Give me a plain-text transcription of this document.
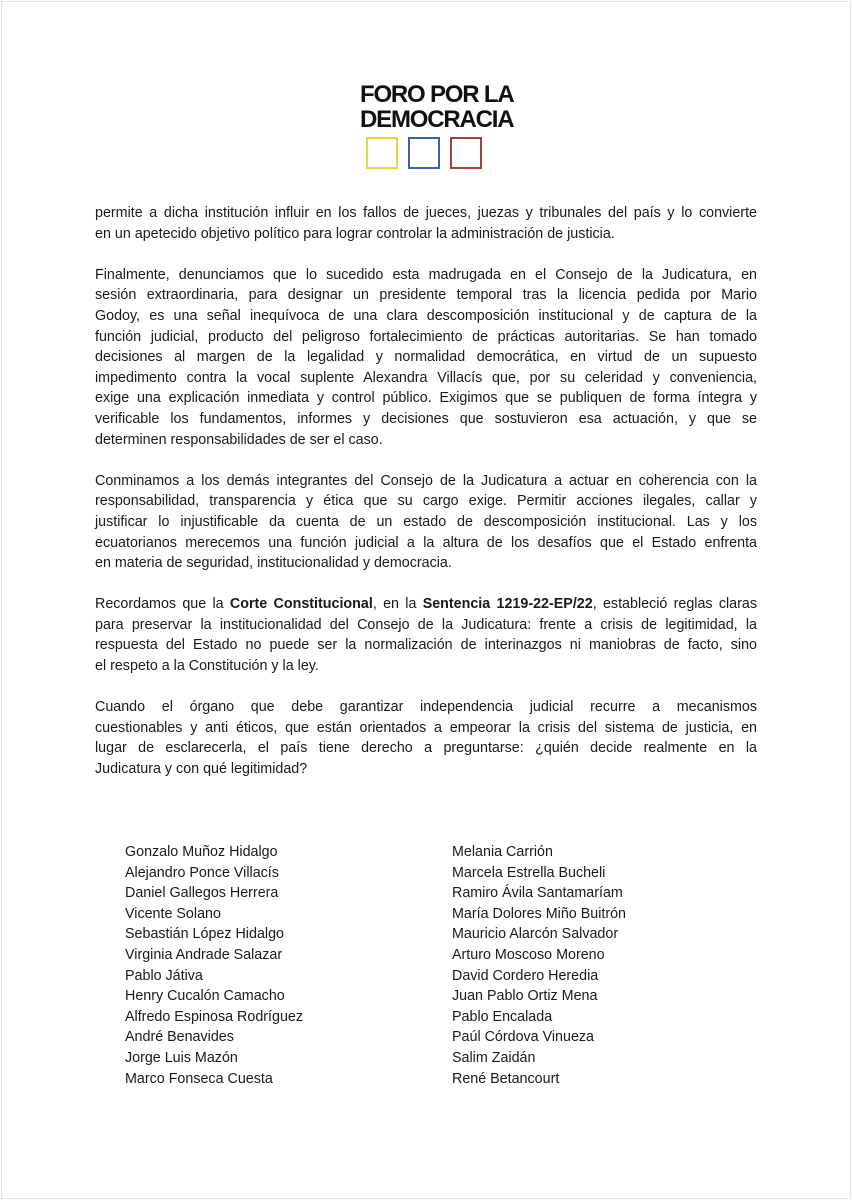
FORO POR LA
DEMOCRACIA
permite a dicha institución influir en los fallos de jueces, juezas y tribunales del país y lo convierte
en un apetecido objetivo político para lograr controlar la administración de justicia.
Finalmente, denunciamos que lo sucedido esta madrugada en el Consejo de la Judicatura, en
sesión extraordinaria, para designar un presidente temporal tras la licencia pedida por Mario
Godoy, es una señal inequívoca de una clara descomposición institucional y de captura de la
función judicial, producto del peligroso fortalecimiento de prácticas autoritarias. Se han tomado
decisiones al margen de la legalidad y normalidad democrática, en virtud de un supuesto
impedimento contra la vocal suplente Alexandra Villacís que, por su celeridad y conveniencia,
exige una explicación inmediata y control público. Exigimos que se publiquen de forma íntegra y
verificable los fundamentos, informes y decisiones que sostuvieron esa actuación, y que se
determinen responsabilidades de ser el caso.
Conminamos a los demás integrantes del Consejo de la Judicatura a actuar en coherencia con la
responsabilidad, transparencia y ética que su cargo exige. Permitir acciones ilegales, callar y
justificar lo injustificable da cuenta de un estado de descomposición institucional. Las y los
ecuatorianos merecemos una función judicial a la altura de los desafíos que el Estado enfrenta
en materia de seguridad, institucionalidad y democracia.
Recordamos que la Corte Constitucional, en la Sentencia 1219-22-EP/22, estableció reglas claras
para preservar la institucionalidad del Consejo de la Judicatura: frente a crisis de legitimidad, la
respuesta del Estado no puede ser la normalización de interinazgos ni maniobras de facto, sino
el respeto a la Constitución y la ley.
Cuando el órgano que debe garantizar independencia judicial recurre a mecanismos
cuestionables y anti éticos, que están orientados a empeorar la crisis del sistema de justicia, en
lugar de esclarecerla, el país tiene derecho a preguntarse: ¿quién decide realmente en la
Judicatura y con qué legitimidad?
Gonzalo Muñoz Hidalgo
Alejandro Ponce Villacís
Daniel Gallegos Herrera
Vicente Solano
Sebastián López Hidalgo
Virginia Andrade Salazar
Pablo Játiva
Henry Cucalón Camacho
Alfredo Espinosa Rodríguez
André Benavides
Jorge Luis Mazón
Marco Fonseca Cuesta
Melania Carrión
Marcela Estrella Bucheli
Ramiro Ávila Santamaríam
María Dolores Miño Buitrón
Mauricio Alarcón Salvador
Arturo Moscoso Moreno
David Cordero Heredia
Juan Pablo Ortiz Mena
Pablo Encalada
Paúl Córdova Vinueza
Salim Zaidán
René Betancourt
